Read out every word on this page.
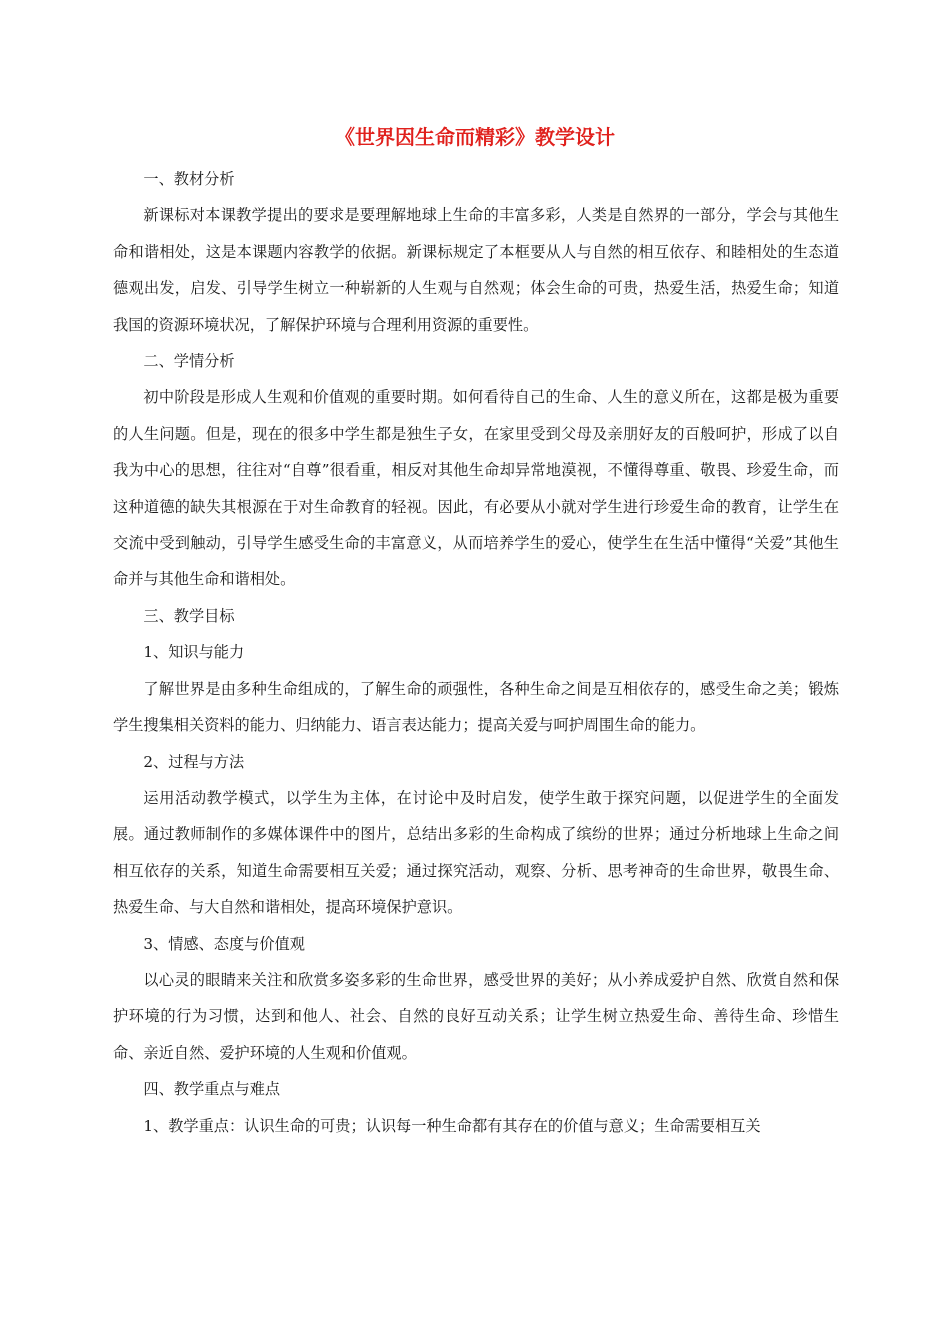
《世界因生命而精彩》教学设计

一、教材分析

新课标对本课教学提出的要求是要理解地球上生命的丰富多彩，人类是自然界的一部分，学会与其他生命和谐相处，这是本课题内容教学的依据。新课标规定了本框要从人与自然的相互依存、和睦相处的生态道德观出发，启发、引导学生树立一种崭新的人生观与自然观；体会生命的可贵，热爱生活，热爱生命；知道我国的资源环境状况，了解保护环境与合理利用资源的重要性。

二、学情分析

初中阶段是形成人生观和价值观的重要时期。如何看待自己的生命、人生的意义所在，这都是极为重要的人生问题。但是，现在的很多中学生都是独生子女，在家里受到父母及亲朋好友的百般呵护，形成了以自我为中心的思想，往往对“自尊”很看重，相反对其他生命却异常地漠视，不懂得尊重、敬畏、珍爱生命，而这种道德的缺失其根源在于对生命教育的轻视。因此，有必要从小就对学生进行珍爱生命的教育，让学生在交流中受到触动，引导学生感受生命的丰富意义，从而培养学生的爱心，使学生在生活中懂得“关爱”其他生命并与其他生命和谐相处。

三、教学目标

1、知识与能力

了解世界是由多种生命组成的，了解生命的顽强性，各种生命之间是互相依存的，感受生命之美；锻炼学生搜集相关资料的能力、归纳能力、语言表达能力；提高关爱与呵护周围生命的能力。

2、过程与方法

运用活动教学模式，以学生为主体，在讨论中及时启发，使学生敢于探究问题，以促进学生的全面发展。通过教师制作的多媒体课件中的图片，总结出多彩的生命构成了缤纷的世界；通过分析地球上生命之间相互依存的关系，知道生命需要相互关爱；通过探究活动，观察、分析、思考神奇的生命世界，敬畏生命、热爱生命、与大自然和谐相处，提高环境保护意识。

3、情感、态度与价值观

以心灵的眼睛来关注和欣赏多姿多彩的生命世界，感受世界的美好；从小养成爱护自然、欣赏自然和保护环境的行为习惯，达到和他人、社会、自然的良好互动关系；让学生树立热爱生命、善待生命、珍惜生命、亲近自然、爱护环境的人生观和价值观。

四、教学重点与难点

1、教学重点：认识生命的可贵；认识每一种生命都有其存在的价值与意义；生命需要相互关
